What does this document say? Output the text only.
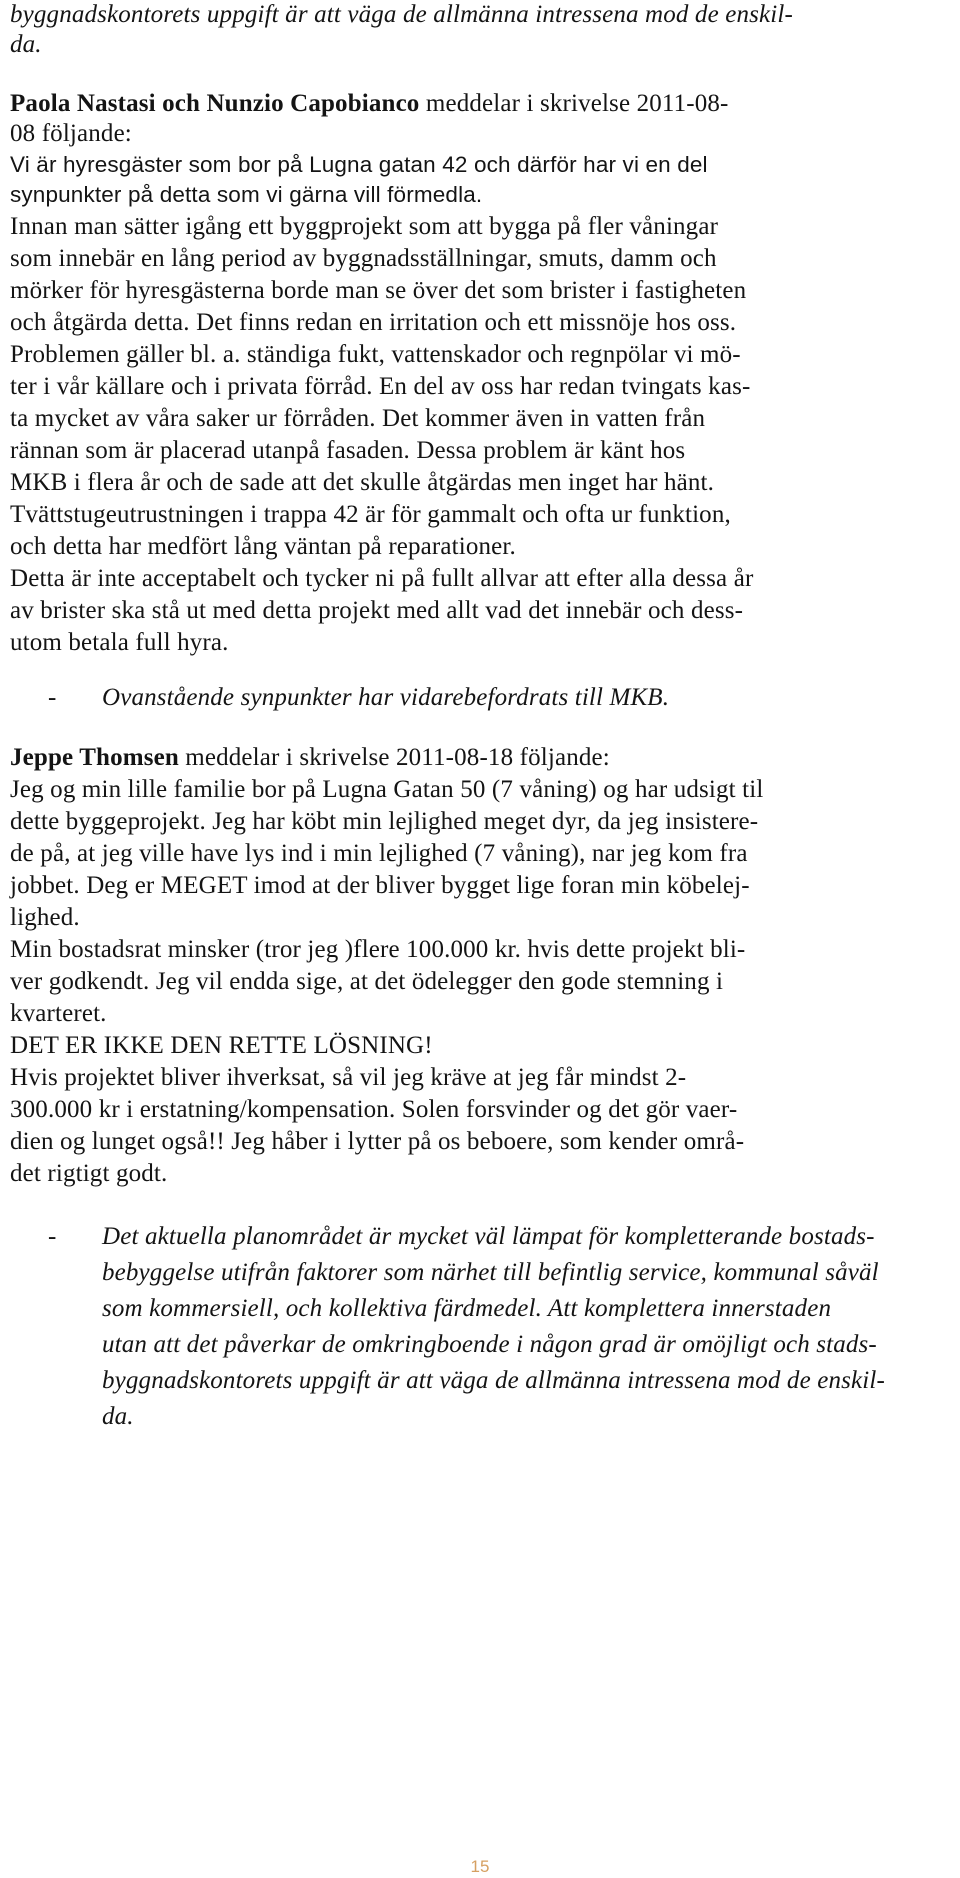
byggnadskontorets uppgift är att väga de allmänna intressena mod de enskil-

da.

Paola Nastasi och Nunzio Capobianco meddelar i skrivelse 2011-08-

08 följande:

Vi är hyresgäster som bor på Lugna gatan 42 och därför har vi en del

synpunkter på detta som vi gärna vill förmedla.

Innan man sätter igång ett byggprojekt som att bygga på fler våningar

som innebär en lång period av byggnadsställningar, smuts, damm och

mörker för hyresgästerna borde man se över det som brister i fastigheten

och åtgärda detta. Det finns redan en irritation och ett missnöje hos oss.

Problemen gäller bl. a. ständiga fukt, vattenskador och regnpölar vi mö-

ter i vår källare och i privata förråd. En del av oss har redan tvingats kas-

ta mycket av våra saker ur förråden. Det kommer även in vatten från

rännan som är placerad utanpå fasaden. Dessa problem är känt hos

MKB i flera år och de sade att det skulle åtgärdas men inget har hänt.

Tvättstugeutrustningen i trappa 42 är för gammalt och ofta ur funktion,

och detta har medfört lång väntan på reparationer.

Detta är inte acceptabelt och tycker ni på fullt allvar att efter alla dessa år

av brister ska stå ut med detta projekt med allt vad det innebär och dess-

utom betala full hyra.

- Ovanstående synpunkter har vidarebefordrats till MKB.

Jeppe Thomsen meddelar i skrivelse 2011-08-18 följande:

Jeg og min lille familie bor på Lugna Gatan 50 (7 våning) og har udsigt til

dette byggeprojekt. Jeg har köbt min lejlighed meget dyr, da jeg insistere-

de på, at jeg ville have lys ind i min lejlighed (7 våning), nar jeg kom fra

jobbet. Deg er MEGET imod at der bliver bygget lige foran min köbelej-

lighed.

Min bostadsrat minsker (tror jeg )flere 100.000 kr. hvis dette projekt bli-

ver godkendt. Jeg vil endda sige, at det ödelegger den gode stemning i

kvarteret.

DET ER IKKE DEN RETTE LÖSNING!

Hvis projektet bliver ihverksat, så vil jeg kräve at jeg får mindst 2-

300.000 kr i erstatning/kompensation. Solen forsvinder og det gör vaer-

dien og lunget også!! Jeg håber i lytter på os beboere, som kender områ-

det rigtigt godt.

- Det aktuella planområdet är mycket väl lämpat för kompletterande bostads-

bebyggelse utifrån faktorer som närhet till befintlig service, kommunal såväl

som kommersiell, och kollektiva färdmedel. Att komplettera innerstaden

utan att det påverkar de omkringboende i någon grad är omöjligt och stads-

byggnadskontorets uppgift är att väga de allmänna intressena mod de enskil-

da.

15
